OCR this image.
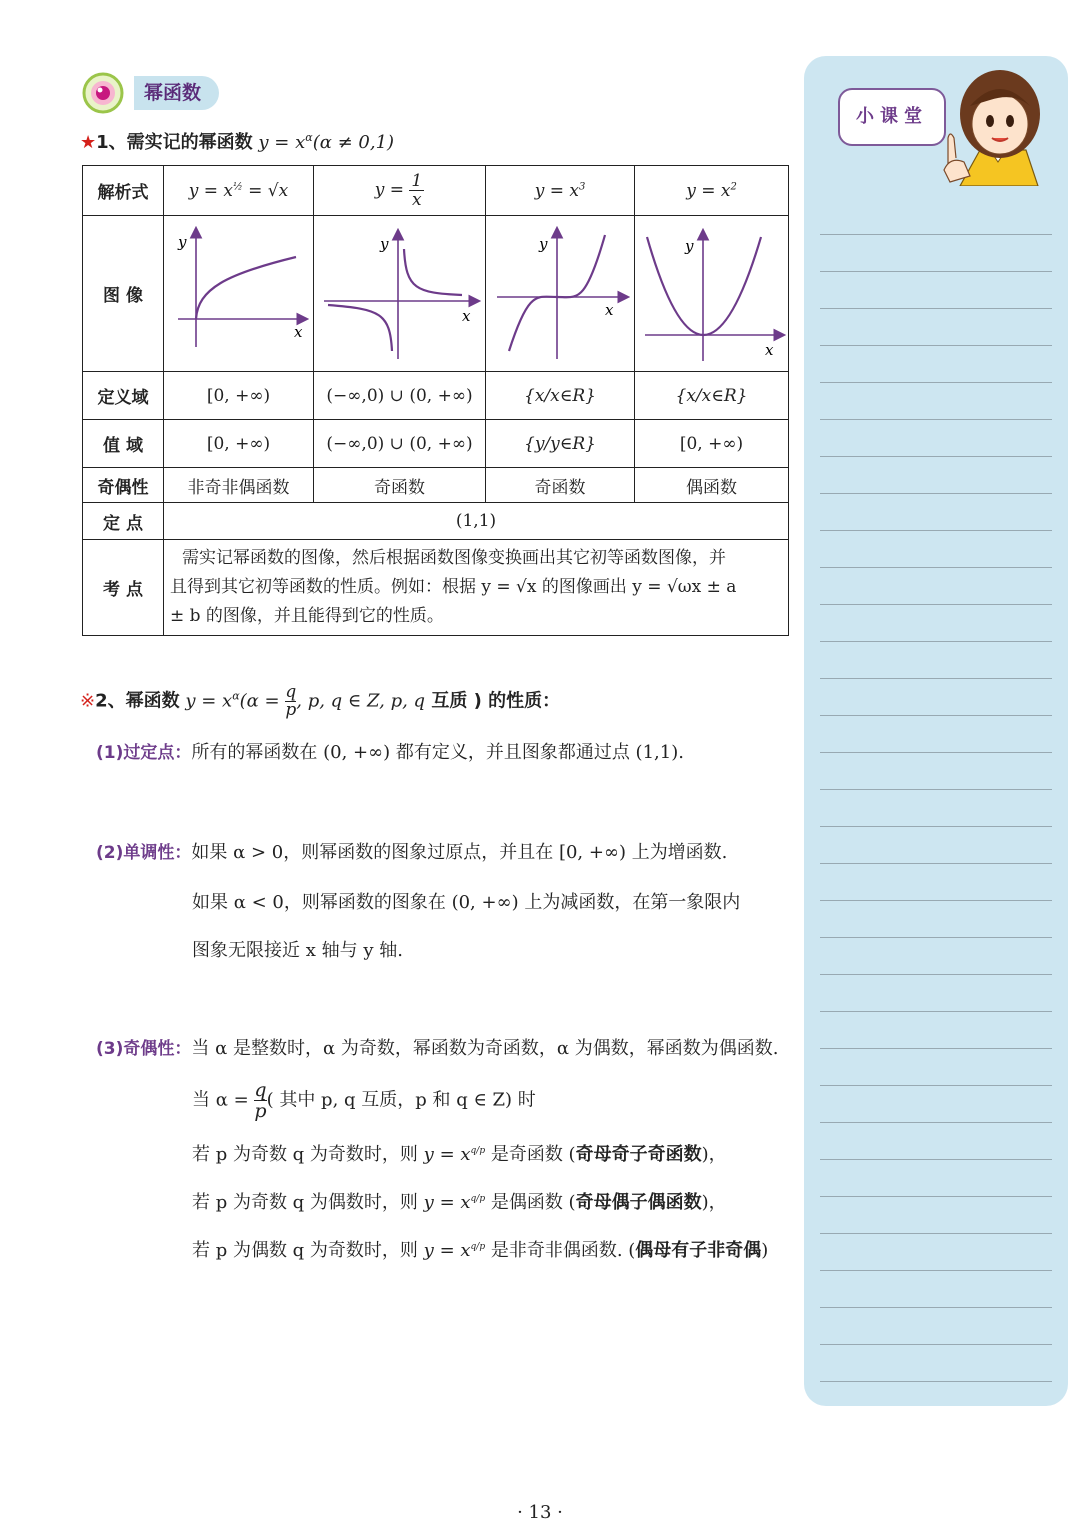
幂函数
★1、需实记的幂函数 $y = x^\alpha(\alpha \ne 0,1)$
解析式	$y = x^{\frac{1}{2}} = √x$	$y = \frac{1}{x}$	$y = x^3$	$y = x^2$
图 像	y
x	y
x	y
x	y
x

定义域	[0, +∞)	(−∞,0) ∪ (0, +∞)	{x/x∈R}	{x/x∈R}
值 域	[0, +∞)	(−∞,0) ∪ (0, +∞)	{y/y∈R}	[0, +∞)
奇偶性	非奇非偶函数	奇函数	奇函数	偶函数
定 点	(1,1)			
考 点	需实记幂函数的图像，然后根据函数图像变换画出其它初等函数图像，并
且得到其它初等函数的性质。例如：根据 y = √x 的图像画出 y = √ωx ± a
± b 的图像，并且能得到它的性质。			
※2、幂函数 $y = x^\alpha(\alpha = \frac{q}{p}$ , p, q ∈ Z, p, q 互质 ) 的性质：
(1)过定点：所有的幂函数在 (0, +∞) 都有定义，并且图象都通过点 (1,1).
(2)单调性：如果 α > 0，则幂函数的图象过原点，并且在 [0, +∞) 上为增函数.
如果 α < 0，则幂函数的图象在 (0, +∞) 上为减函数，在第一象限内
图象无限接近 x 轴与 y 轴.
(3)奇偶性：当 α 是整数时，α 为奇数，幂函数为奇函数，α 为偶数，幂函数为偶函数.
当 $\alpha = \frac{q}{p}$ ( 其中 p, q 互质，p 和 q ∈ Z) 时
若 p 为奇数 q 为奇数时，则 $y = x^{q/p}$ 是奇函数 (奇母奇子奇函数)，
若 p 为奇数 q 为偶数时，则 $y = x^{q/p}$ 是偶函数 (奇母偶子偶函数)，
若 p 为偶数 q 为奇数时，则 $y = x^{q/p}$ 是非奇非偶函数. (偶母有子非奇偶)
小课堂
· 13 ·
